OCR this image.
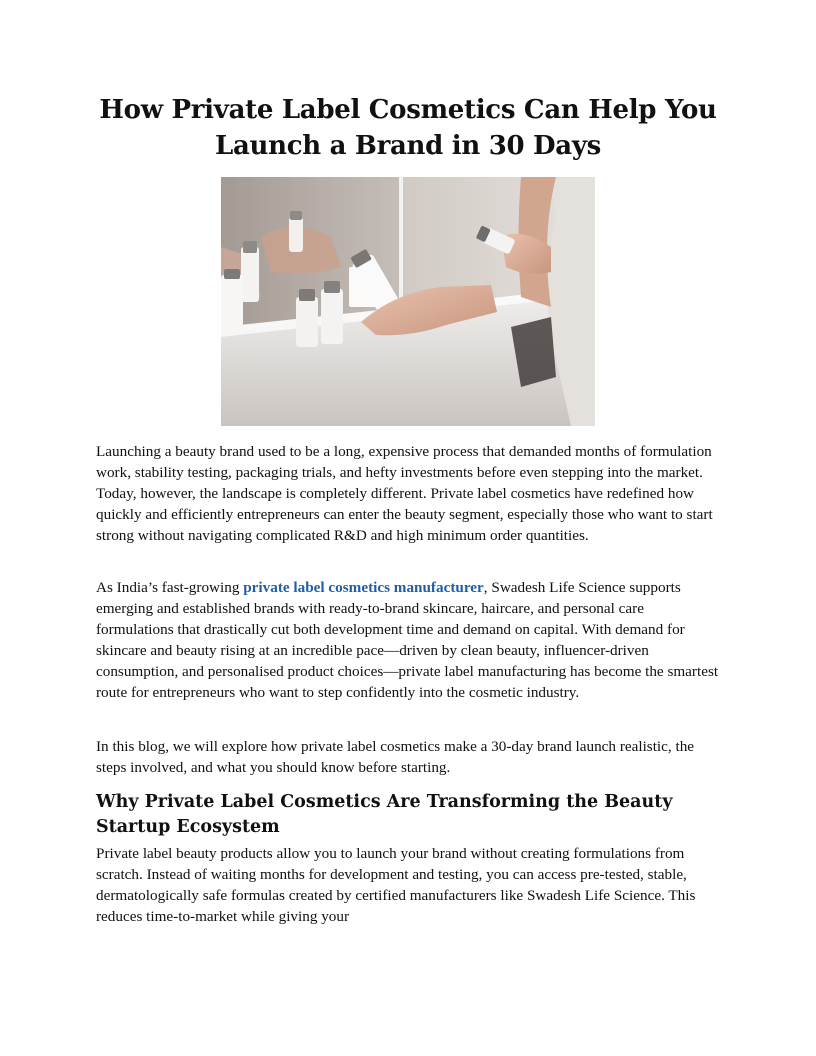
How Private Label Cosmetics Can Help You Launch a Brand in 30 Days

Launching a beauty brand used to be a long, expensive process that demanded months of formulation work, stability testing, packaging trials, and hefty investments before even stepping into the market. Today, however, the landscape is completely different. Private label cosmetics have redefined how quickly and efficiently entrepreneurs can enter the beauty segment, especially those who want to start strong without navigating complicated R&D and high minimum order quantities.

As India’s fast-growing private label cosmetics manufacturer, Swadesh Life Science supports emerging and established brands with ready-to-brand skincare, haircare, and personal care formulations that drastically cut both development time and demand on capital. With demand for skincare and beauty rising at an incredible pace—driven by clean beauty, influencer-driven consumption, and personalised product choices—private label manufacturing has become the smartest route for entrepreneurs who want to step confidently into the cosmetic industry.

In this blog, we will explore how private label cosmetics make a 30-day brand launch realistic, the steps involved, and what you should know before starting.

Why Private Label Cosmetics Are Transforming the Beauty Startup Ecosystem

Private label beauty products allow you to launch your brand without creating formulations from scratch. Instead of waiting months for development and testing, you can access pre-tested, stable, dermatologically safe formulas created by certified manufacturers like Swadesh Life Science. This reduces time-to-market while giving your
